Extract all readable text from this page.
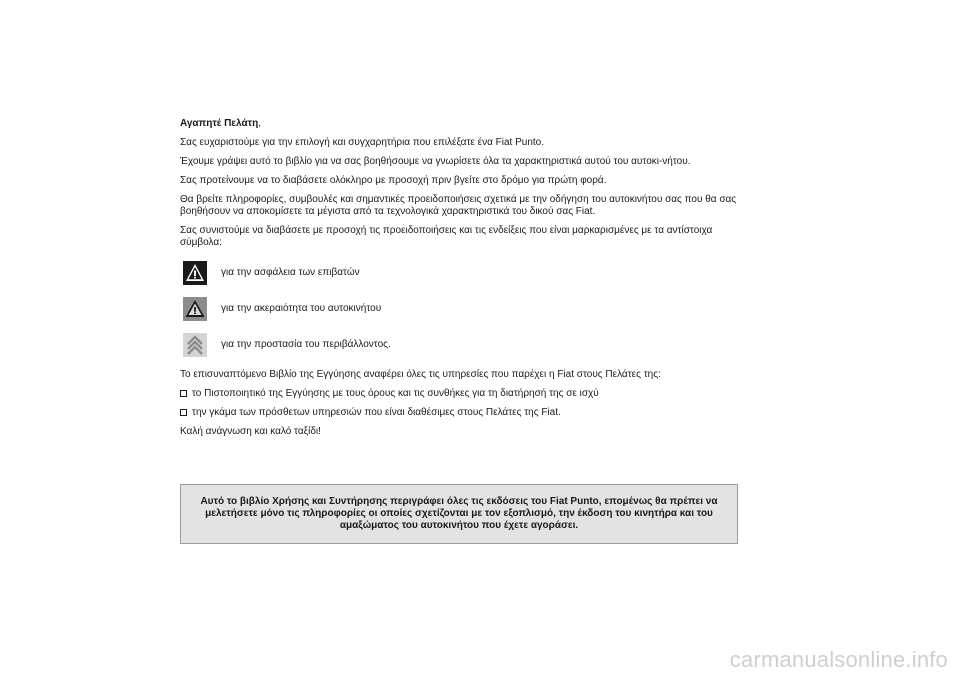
Αγαπητέ Πελάτη,

Σας ευχαριστούμε για την επιλογή και συγχαρητήρια που επιλέξατε ένα Fiat Punto.

Έχουμε γράψει αυτό το βιβλίο για να σας βοηθήσουμε να γνωρίσετε όλα τα χαρακτηριστικά αυτού του αυτοκι-νήτου.

Σας προτείνουμε να το διαβάσετε ολόκληρο με προσοχή πριν βγείτε στο δρόμο για πρώτη φορά.

Θα βρείτε πληροφορίες, συμβουλές και σημαντικές προειδοποιήσεις σχετικά με την οδήγηση του αυτοκινήτου σας που θα σας βοηθήσουν να αποκομίσετε τα μέγιστα από τα τεχνολογικά χαρακτηριστικά του δικού σας Fiat.

Σας συνιστούμε να διαβάσετε με προσοχή τις προειδοποιήσεις και τις ενδείξεις που είναι μαρκαρισμένες με τα αντίστοιχα σύμβολα:

για την ασφάλεια των επιβατών
για την ακεραιότητα του αυτοκινήτου
για την προστασία του περιβάλλοντος.

Το επισυναπτόμενο Βιβλίο της Εγγύησης αναφέρει όλες τις υπηρεσίες που παρέχει η Fiat στους Πελάτες της:

το Πιστοποιητικό της Εγγύησης με τους όρους και τις συνθήκες για τη διατήρησή της σε ισχύ

την γκάμα των πρόσθετων υπηρεσιών που είναι διαθέσιμες στους Πελάτες της Fiat.

Καλή ανάγνωση και καλό ταξίδι!

Αυτό το βιβλίο Χρήσης και Συντήρησης περιγράφει όλες τις εκδόσεις του Fiat Punto, επομένως θα πρέπει να μελετήσετε μόνο τις πληροφορίες οι οποίες σχετίζονται με τον εξοπλισμό, την έκδοση του κινητήρα και του αμαξώματος του αυτοκινήτου που έχετε αγοράσει.
carmanualsonline.info
